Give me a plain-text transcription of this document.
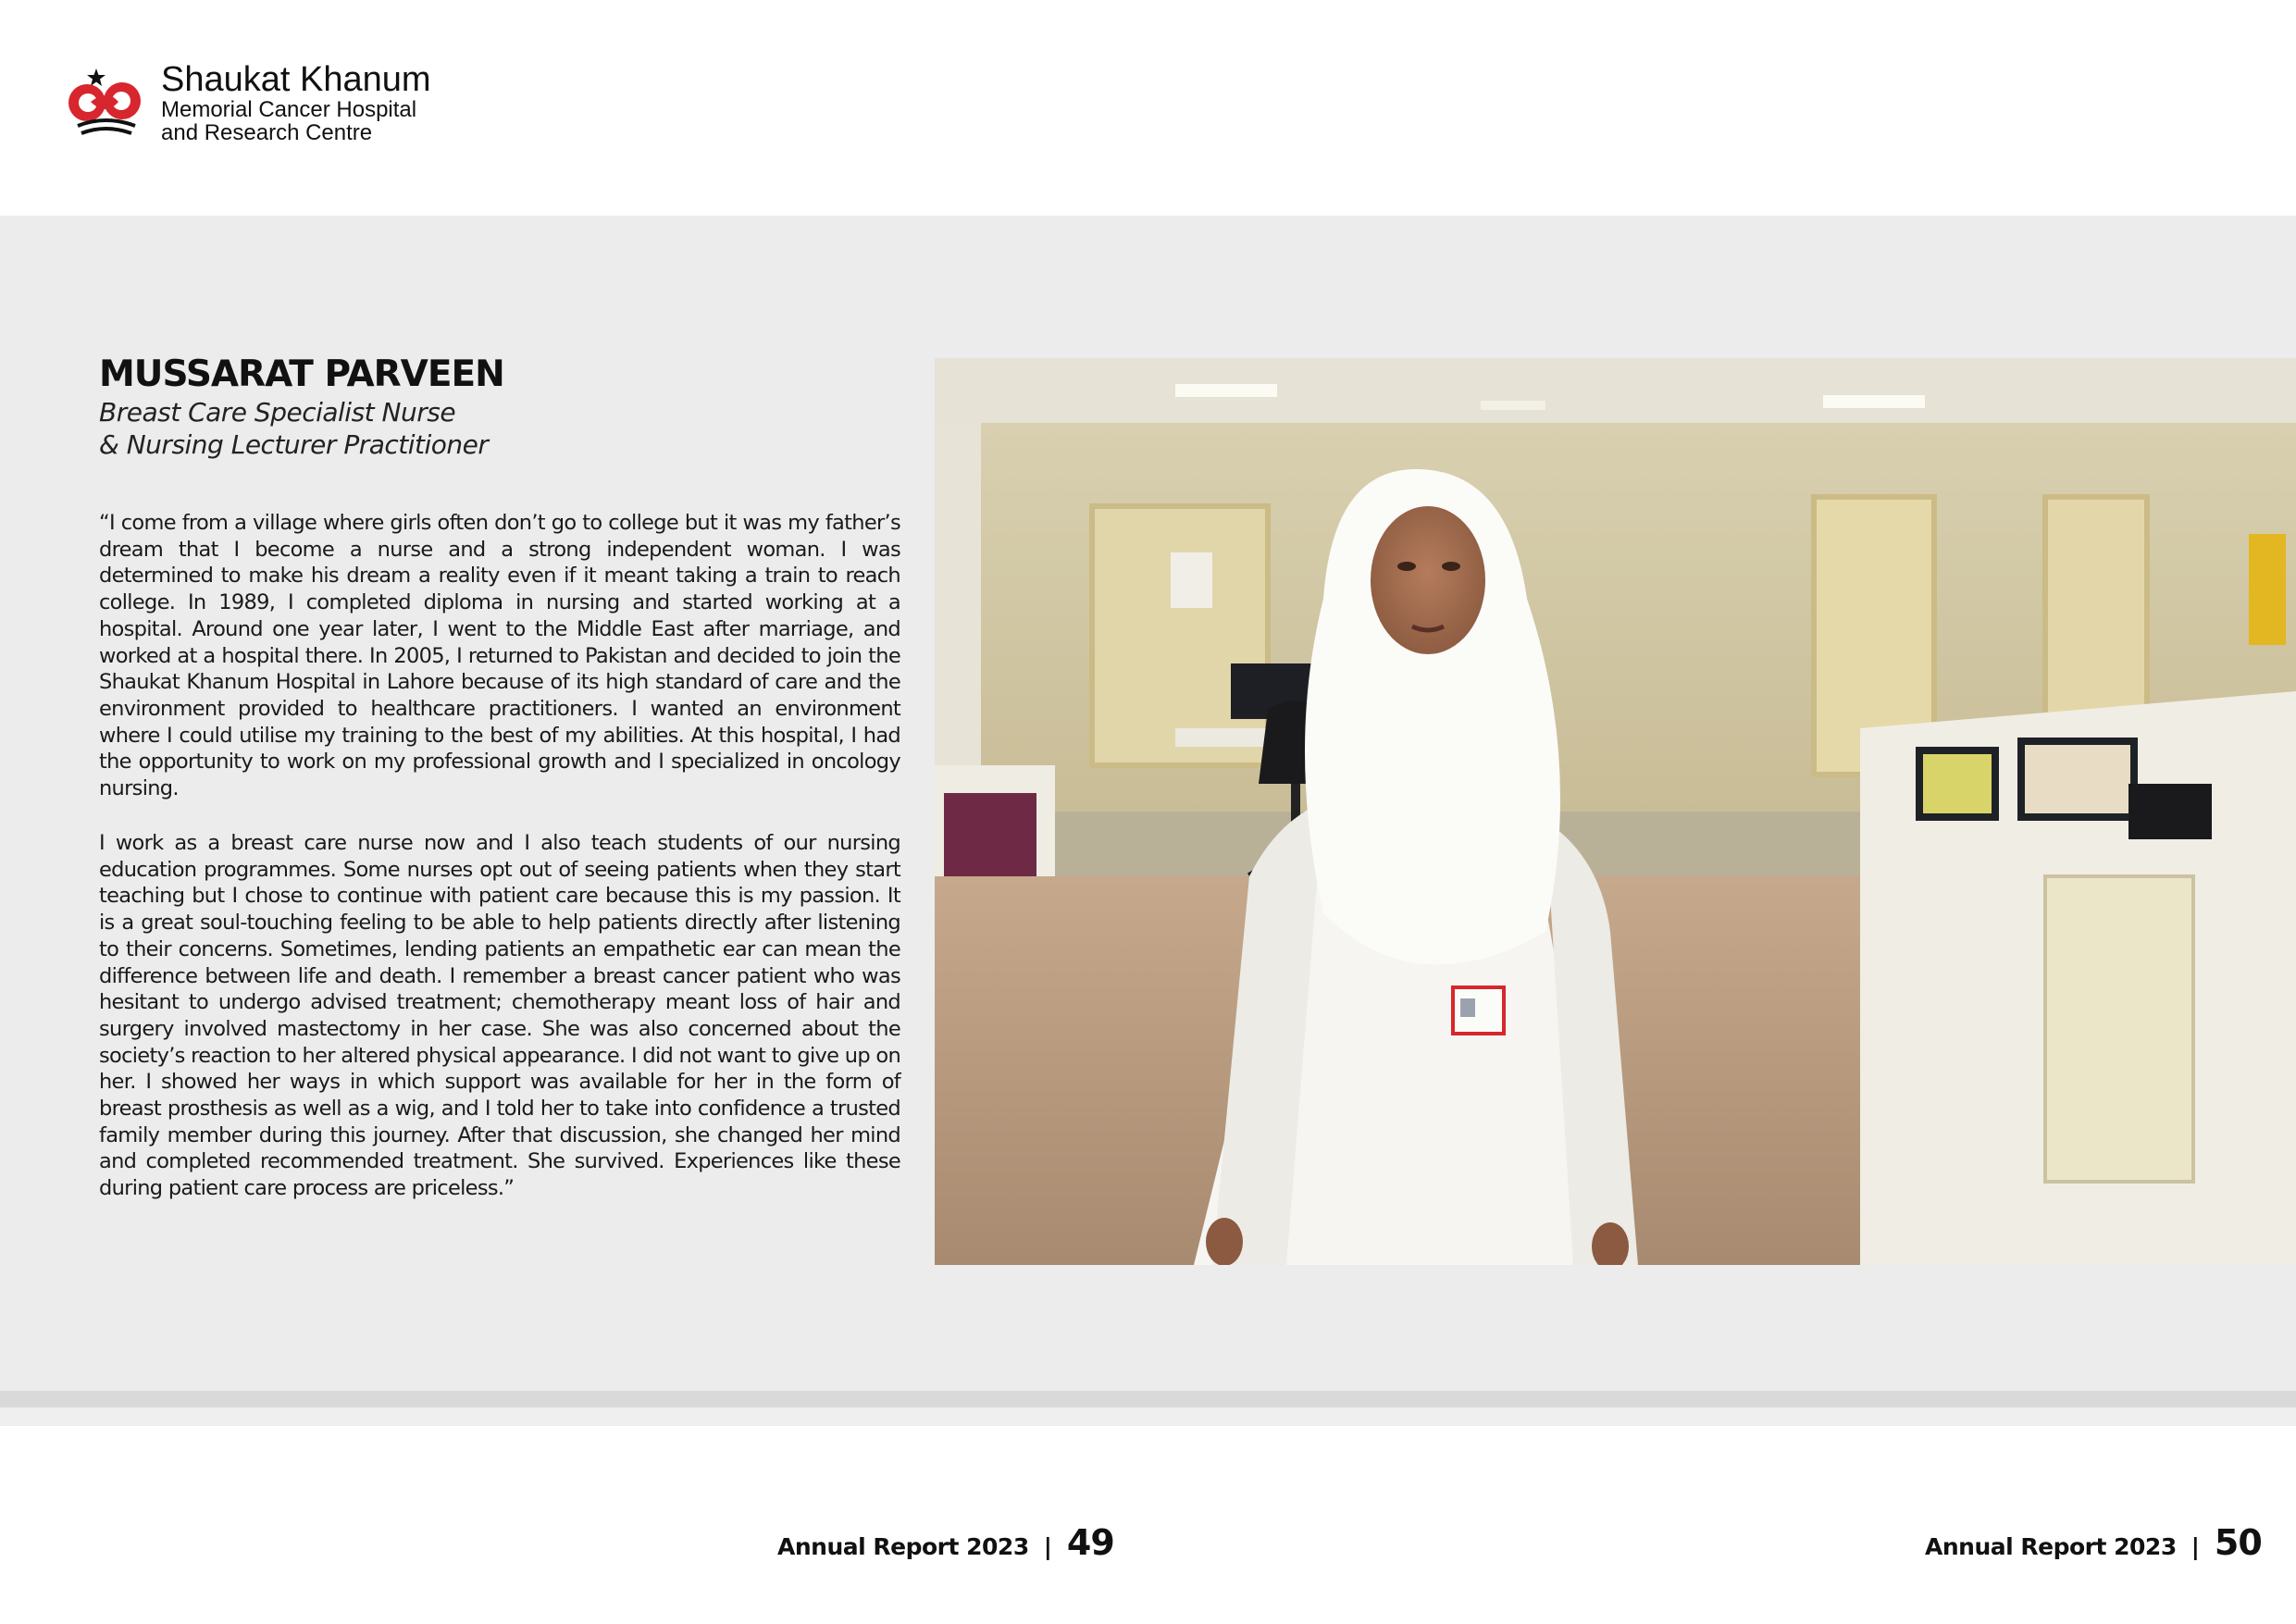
Shaukat Khanum
Memorial Cancer Hospital
and Research Centre
MUSSARAT PARVEEN
Breast Care Specialist Nurse
& Nursing Lecturer Practitioner

“I come from a village where girls often don’t go to college but it was my father’s dream that I become a nurse and a strong independent woman. I was determined to make his dream a reality even if it meant taking a train to reach college. In 1989, I completed diploma in nursing and started working at a hospital. Around one year later, I went to the Middle East after marriage, and worked at a hospital there. In 2005, I returned to Pakistan and decided to join the Shaukat Khanum Hospital in Lahore because of its high standard of care and the environment provided to healthcare practitioners. I wanted an environment where I could utilise my training to the best of my abilities. At this hospital, I had the opportunity to work on my professional growth and I specialized in oncology nursing.

I work as a breast care nurse now and I also teach students of our nursing education programmes. Some nurses opt out of seeing patients when they start teaching but I chose to continue with patient care because this is my passion. It is a great soul-touching feeling to be able to help patients directly after listening to their concerns. Sometimes, lending patients an empathetic ear can mean the difference between life and death. I remember a breast cancer patient who was hesitant to undergo advised treatment; chemotherapy meant loss of hair and surgery involved mastectomy in her case. She was also concerned about the society’s reaction to her altered physical appearance. I did not want to give up on her. I showed her ways in which support was available for her in the form of breast prosthesis as well as a wig, and I told her to take into confidence a trusted family member during this journey. After that discussion, she changed her mind and completed recommended treatment. She survived. Experiences like these during patient care process are priceless.”

Annual Report 2023 | 49	Annual Report 2023 | 50
